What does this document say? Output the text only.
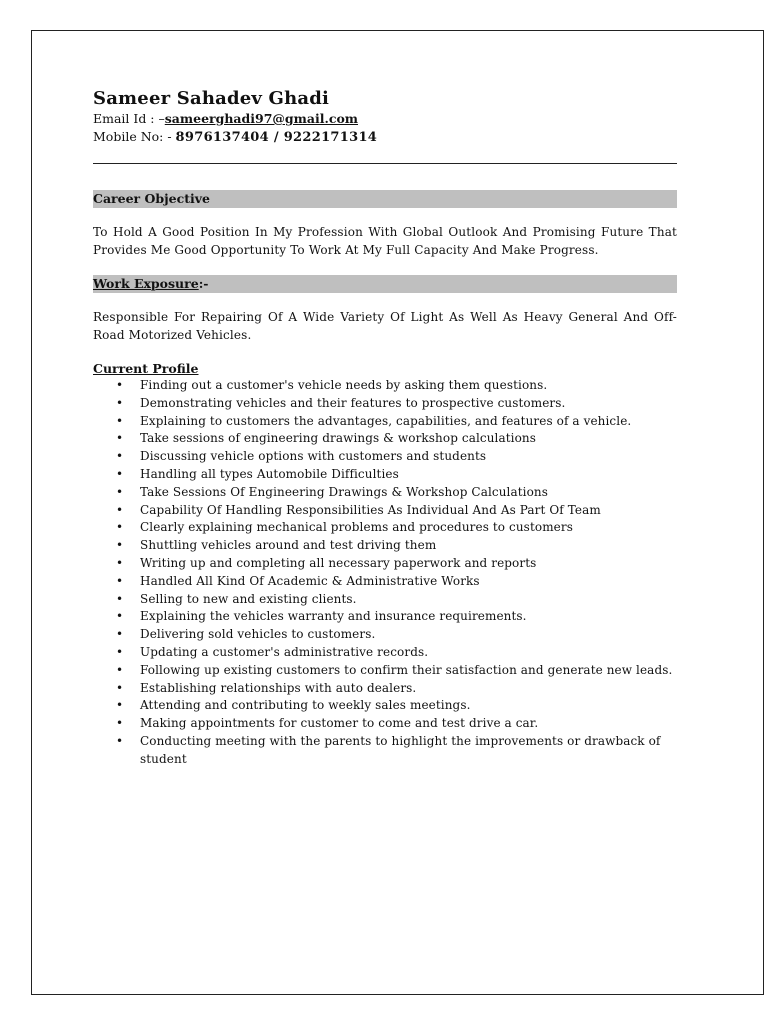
Sameer Sahadev Ghadi

Email Id : –sameerghadi97@gmail.com

Mobile No: - 8976137404 / 9222171314

Career Objective

To Hold A Good Position In My Profession With Global Outlook And Promising Future That Provides Me Good Opportunity To Work At My Full Capacity And Make Progress.

Work Exposure:-

Responsible For Repairing Of A Wide Variety Of Light As Well As Heavy General And Off-Road Motorized Vehicles.

Current Profile

• Finding out a customer's vehicle needs by asking them questions.
• Demonstrating vehicles and their features to prospective customers.
• Explaining to customers the advantages, capabilities, and features of a vehicle.
• Take sessions of engineering drawings & workshop calculations
• Discussing vehicle options with customers and students
• Handling all types Automobile Difficulties
• Take Sessions Of Engineering Drawings & Workshop Calculations
• Capability Of Handling Responsibilities As Individual And As Part Of Team
• Clearly explaining mechanical problems and procedures to customers
• Shuttling vehicles around and test driving them
• Writing up and completing all necessary paperwork and reports
• Handled All Kind Of Academic & Administrative Works
• Selling to new and existing clients.
• Explaining the vehicles warranty and insurance requirements.
• Delivering sold vehicles to customers.
• Updating a customer's administrative records.
• Following up existing customers to confirm their satisfaction and generate new leads.
• Establishing relationships with auto dealers.
• Attending and contributing to weekly sales meetings.
• Making appointments for customer to come and test drive a car.
• Conducting meeting with the parents to highlight the improvements or drawback of student
